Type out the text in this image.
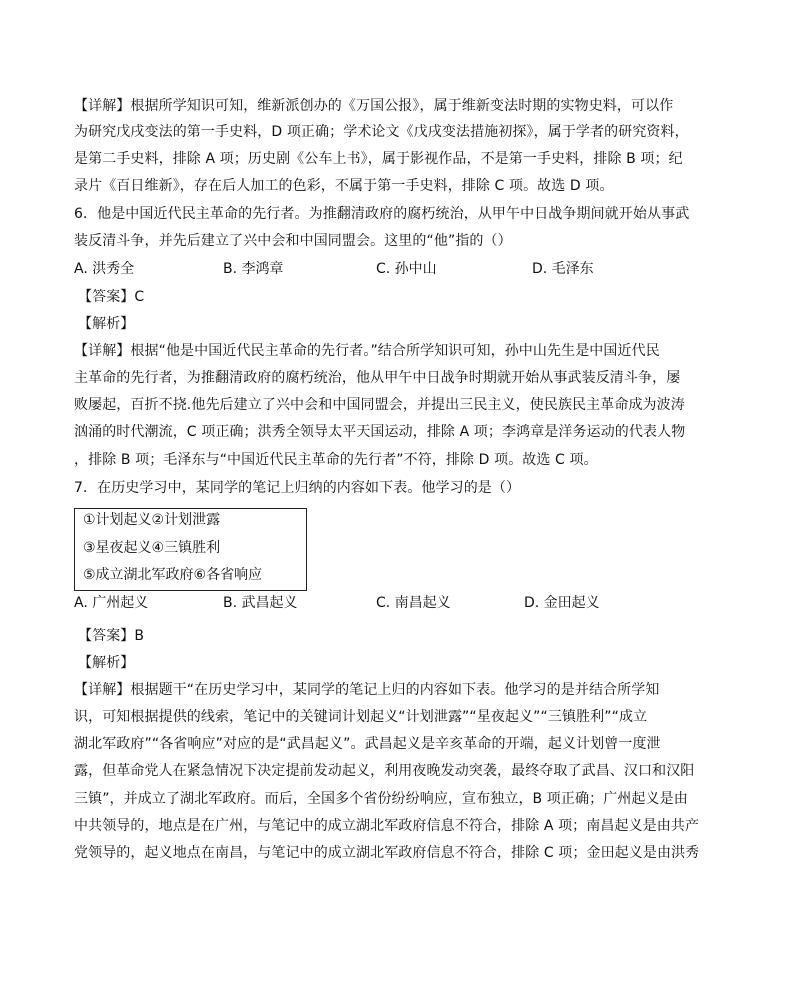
【详解】根据所学知识可知，维新派创办的《万国公报》，属于维新变法时期的实物史料，可以作
为研究戊戌变法的第一手史料，D 项正确；学术论文《戊戌变法措施初探》，属于学者的研究资料，
是第二手史料，排除 A 项；历史剧《公车上书》，属于影视作品，不是第一手史料，排除 B 项；纪
录片《百日维新》，存在后人加工的色彩，不属于第一手史料，排除 C 项。故选 D 项。
6．他是中国近代民主革命的先行者。为推翻清政府的腐朽统治，从甲午中日战争期间就开始从事武
装反清斗争，并先后建立了兴中会和中国同盟会。这里的“他”指的（）
A. 洪秀全	B. 李鸿章	C. 孙中山	D. 毛泽东
【答案】C
【解析】
【详解】根据“他是中国近代民主革命的先行者。”结合所学知识可知，孙中山先生是中国近代民
主革命的先行者，为推翻清政府的腐朽统治，他从甲午中日战争时期就开始从事武装反清斗争，屡
败屡起，百折不挠.他先后建立了兴中会和中国同盟会，并提出三民主义，使民族民主革命成为波涛
汹涌的时代潮流，C 项正确；洪秀全领导太平天国运动，排除 A 项；李鸿章是洋务运动的代表人物
，排除 B 项；毛泽东与“中国近代民主革命的先行者”不符，排除 D 项。故选 C 项。
7．在历史学习中，某同学的笔记上归纳的内容如下表。他学习的是（）
①计划起义②计划泄露
③星夜起义④三镇胜利
⑤成立湖北军政府⑥各省响应
A. 广州起义	B. 武昌起义	C. 南昌起义	D. 金田起义
【答案】B
【解析】
【详解】根据题干“在历史学习中，某同学的笔记上归的内容如下表。他学习的是并结合所学知
识，可知根据提供的线索，笔记中的关键词计划起义“计划泄露”“星夜起义”“三镇胜利”“成立
湖北军政府”“各省响应”对应的是“武昌起义”。武昌起义是辛亥革命的开端，起义计划曾一度泄
露，但革命党人在紧急情况下决定提前发动起义，利用夜晚发动突袭，最终夺取了武昌、汉口和汉阳
三镇”，并成立了湖北军政府。而后，全国多个省份纷纷响应，宣布独立，B 项正确；广州起义是由
中共领导的，地点是在广州，与笔记中的成立湖北军政府信息不符合，排除 A 项；南昌起义是由共产
党领导的，起义地点在南昌，与笔记中的成立湖北军政府信息不符合，排除 C 项；金田起义是由洪秀
